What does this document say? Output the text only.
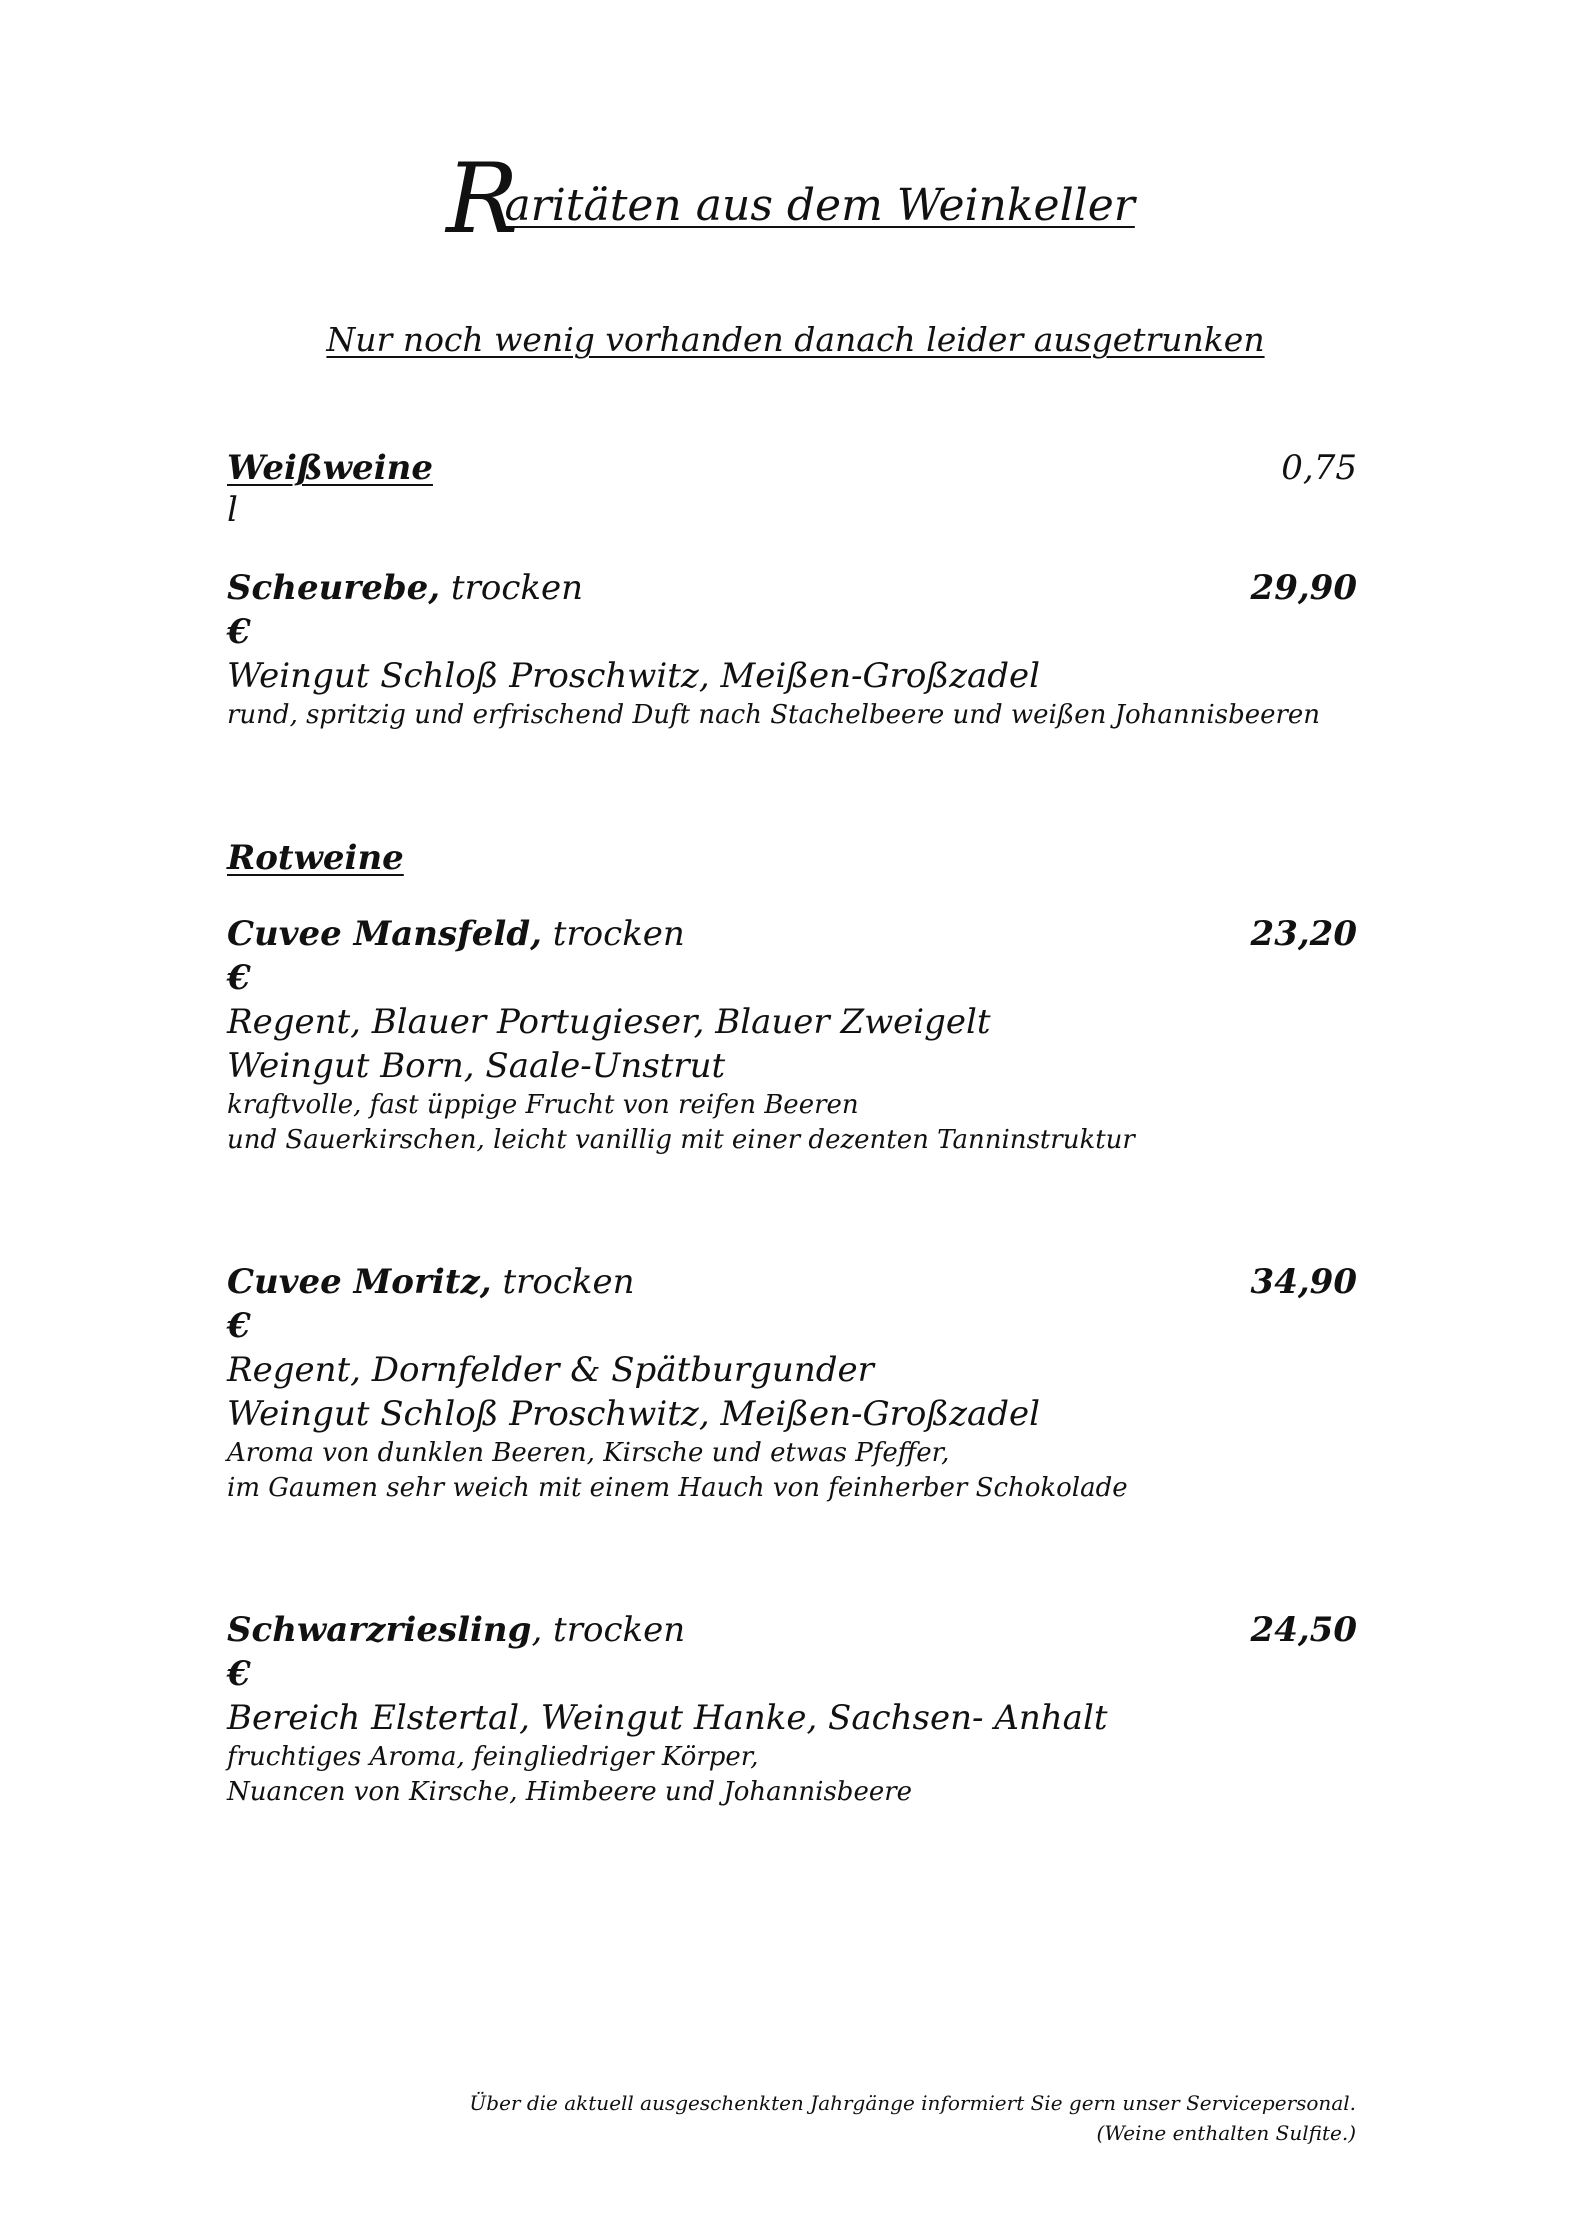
Raritäten aus dem Weinkeller
Nur noch wenig vorhanden danach leider ausgetrunken
Weißweine	0,75
l
Scheurebe, trocken	29,90
€
Weingut Schloß Proschwitz, Meißen-Großzadel
rund, spritzig und erfrischend Duft nach Stachelbeere und weißen Johannisbeeren
Rotweine
Cuvee Mansfeld, trocken	23,20
€
Regent, Blauer Portugieser, Blauer Zweigelt
Weingut Born, Saale-Unstrut
kraftvolle, fast üppige Frucht von reifen Beeren
und Sauerkirschen, leicht vanillig mit einer dezenten Tanninstruktur
Cuvee Moritz, trocken	34,90
€
Regent, Dornfelder & Spätburgunder
Weingut Schloß Proschwitz, Meißen-Großzadel
Aroma von dunklen Beeren, Kirsche und etwas Pfeffer,
im Gaumen sehr weich mit einem Hauch von feinherber Schokolade
Schwarzriesling, trocken	24,50
€
Bereich Elstertal, Weingut Hanke, Sachsen- Anhalt
fruchtiges Aroma, feingliedriger Körper,
Nuancen von Kirsche, Himbeere und Johannisbeere
Über die aktuell ausgeschenkten Jahrgänge informiert Sie gern unser Servicepersonal.
(Weine enthalten Sulfite.)
